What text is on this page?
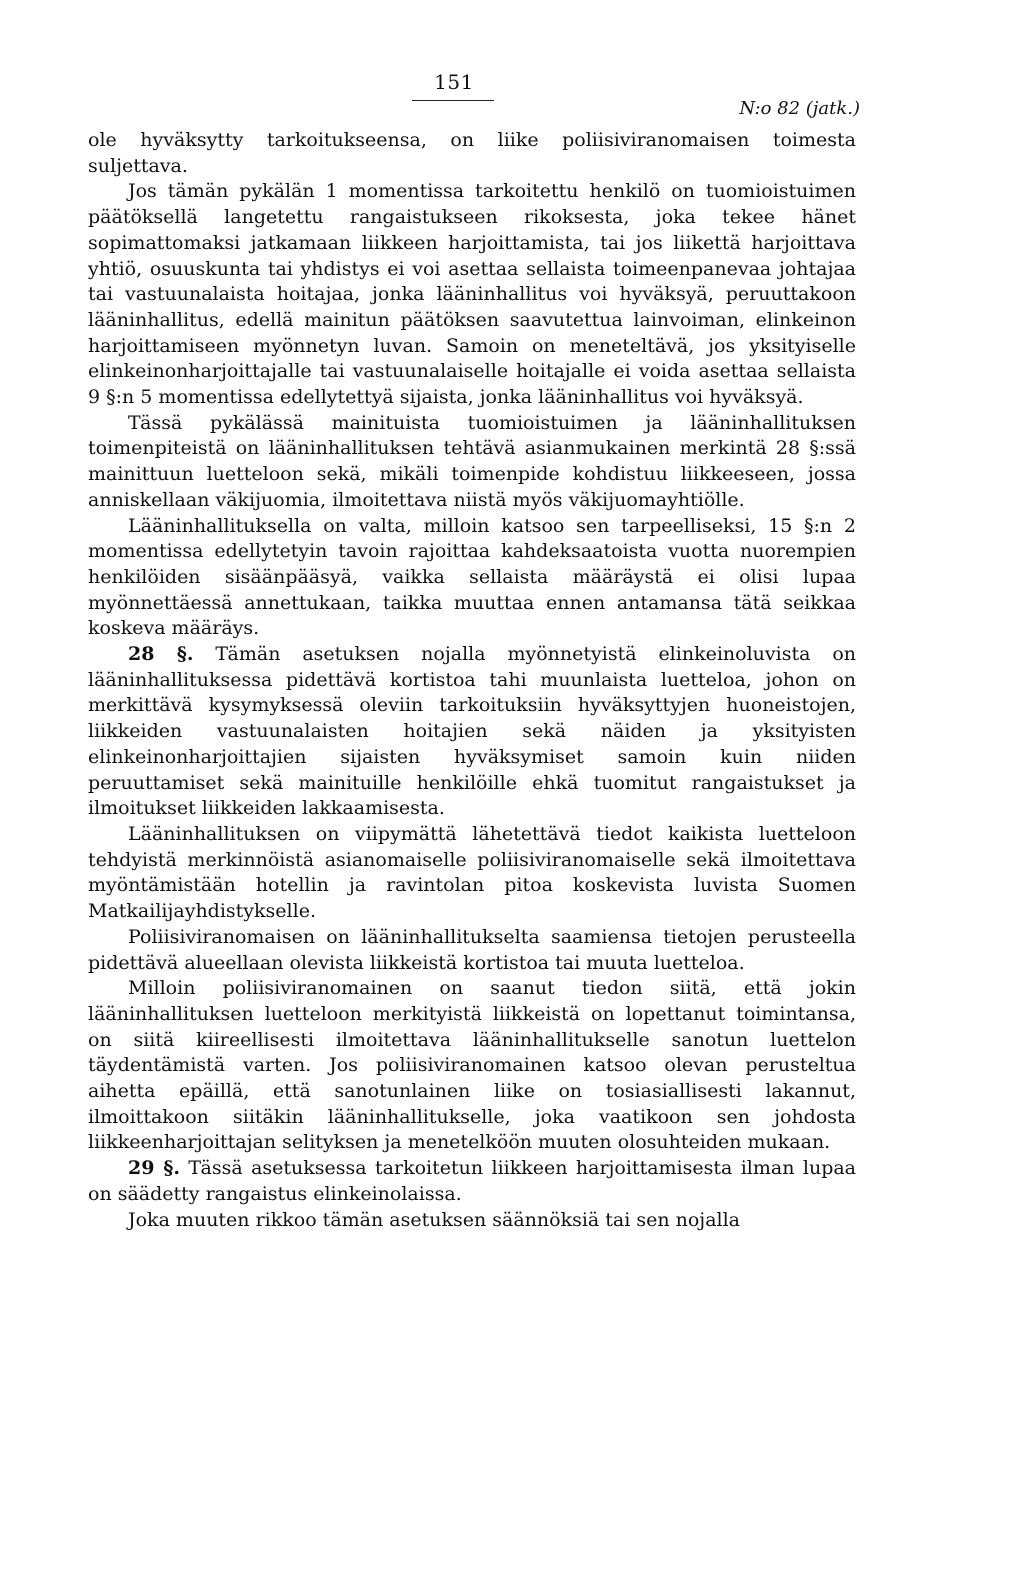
151
N:o 82 (jatk.)

ole hyväksytty tarkoitukseensa, on liike poliisiviranomaisen toimesta suljettava.

Jos tämän pykälän 1 momentissa tarkoitettu henkilö on tuomioistuimen päätöksellä langetettu rangaistukseen rikoksesta, joka tekee hänet sopimattomaksi jatkamaan liikkeen harjoittamista, tai jos liikettä harjoittava yhtiö, osuuskunta tai yhdistys ei voi asettaa sellaista toimeenpanevaa johtajaa tai vastuunalaista hoitajaa, jonka lääninhallitus voi hyväksyä, peruuttakoon lääninhallitus, edellä mainitun päätöksen saavutettua lainvoiman, elinkeinon harjoittamiseen myönnetyn luvan. Samoin on meneteltävä, jos yksityiselle elinkeinonharjoittajalle tai vastuunalaiselle hoitajalle ei voida asettaa sellaista 9 §:n 5 momentissa edellytettyä sijaista, jonka lääninhallitus voi hyväksyä.

Tässä pykälässä mainituista tuomioistuimen ja lääninhallituksen toimenpiteistä on lääninhallituksen tehtävä asianmukainen merkintä 28 §:ssä mainittuun luetteloon sekä, mikäli toimenpide kohdistuu liikkeeseen, jossa anniskellaan väkijuomia, ilmoitettava niistä myös väkijuomayhtiölle.

Lääninhallituksella on valta, milloin katsoo sen tarpeelliseksi, 15 §:n 2 momentissa edellytetyin tavoin rajoittaa kahdeksaatoista vuotta nuorempien henkilöiden sisäänpääsyä, vaikka sellaista määräystä ei olisi lupaa myönnettäessä annettukaan, taikka muuttaa ennen antamansa tätä seikkaa koskeva määräys.

28 §. Tämän asetuksen nojalla myönnetyistä elinkeinoluvista on lääninhallituksessa pidettävä kortistoa tahi muunlaista luetteloa, johon on merkittävä kysymyksessä oleviin tarkoituksiin hyväksyttyjen huoneistojen, liikkeiden vastuunalaisten hoitajien sekä näiden ja yksityisten elinkeinonharjoittajien sijaisten hyväksymiset samoin kuin niiden peruuttamiset sekä mainituille henkilöille ehkä tuomitut rangaistukset ja ilmoitukset liikkeiden lakkaamisesta.

Lääninhallituksen on viipymättä lähetettävä tiedot kaikista luetteloon tehdyistä merkinnöistä asianomaiselle poliisiviranomaiselle sekä ilmoitettava myöntämistään hotellin ja ravintolan pitoa koskevista luvista Suomen Matkailijayhdistykselle.

Poliisiviranomaisen on lääninhallitukselta saamiensa tietojen perusteella pidettävä alueellaan olevista liikkeistä kortistoa tai muuta luetteloa.

Milloin poliisiviranomainen on saanut tiedon siitä, että jokin lääninhallituksen luetteloon merkityistä liikkeistä on lopettanut toimintansa, on siitä kiireellisesti ilmoitettava lääninhallitukselle sanotun luettelon täydentämistä varten. Jos poliisiviranomainen katsoo olevan perusteltua aihetta epäillä, että sanotunlainen liike on tosiasiallisesti lakannut, ilmoittakoon siitäkin lääninhallitukselle, joka vaatikoon sen johdosta liikkeenharjoittajan selityksen ja menetelköön muuten olosuhteiden mukaan.

29 §. Tässä asetuksessa tarkoitetun liikkeen harjoittamisesta ilman lupaa on säädetty rangaistus elinkeinolaissa.

Joka muuten rikkoo tämän asetuksen säännöksiä tai sen nojalla
